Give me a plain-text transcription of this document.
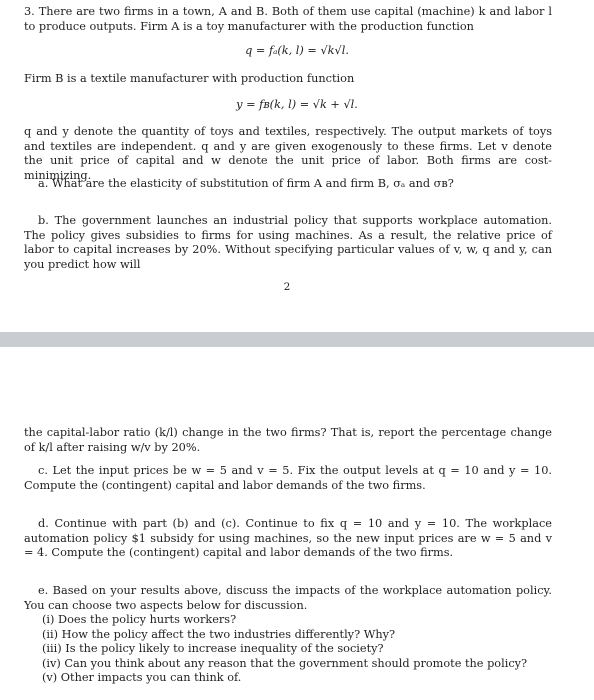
3. There are two firms in a town, A and B. Both of them use capital (machine) k and labor l to produce outputs. Firm A is a toy manufacturer with the production function
q = fₐ(k, l) = √k√l.
Firm B is a textile manufacturer with production function
y = fʙ(k, l) = √k + √l.
q and y denote the quantity of toys and textiles, respectively. The output markets of toys and textiles are independent. q and y are given exogenously to these firms. Let v denote the unit price of capital and w denote the unit price of labor. Both firms are cost-minimizing.
a. What are the elasticity of substitution of firm A and firm B, σₐ and σʙ?
b. The government launches an industrial policy that supports workplace automation. The policy gives subsidies to firms for using machines. As a result, the relative price of labor to capital increases by 20%. Without specifying particular values of v, w, q and y, can you predict how will
2
the capital-labor ratio (k/l) change in the two firms? That is, report the percentage change of k/l after raising w/v by 20%.
c. Let the input prices be w = 5 and v = 5. Fix the output levels at q = 10 and y = 10. Compute the (contingent) capital and labor demands of the two firms.
d. Continue with part (b) and (c). Continue to fix q = 10 and y = 10. The workplace automation policy $1 subsidy for using machines, so the new input prices are w = 5 and v = 4. Compute the (contingent) capital and labor demands of the two firms.
e. Based on your results above, discuss the impacts of the workplace automation policy. You can choose two aspects below for discussion.
(i) Does the policy hurts workers?
(ii) How the policy affect the two industries differently? Why?
(iii) Is the policy likely to increase inequality of the society?
(iv) Can you think about any reason that the government should promote the policy?
(v) Other impacts you can think of.
